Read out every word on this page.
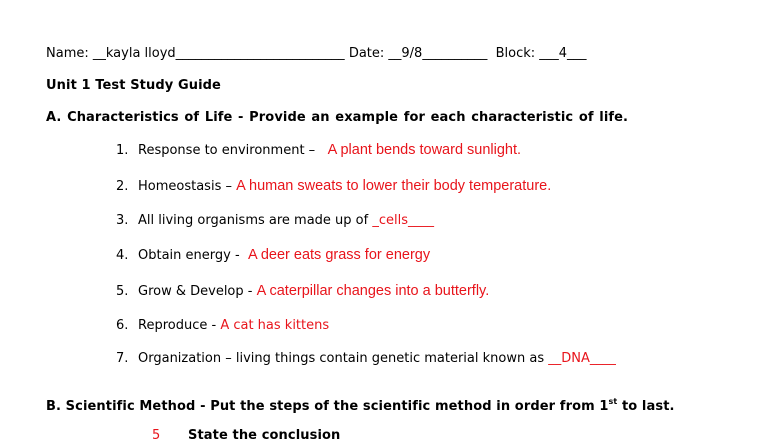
Name: __kayla lloyd__________________________ Date: __9/8__________ Block: ___4___
Unit 1 Test Study Guide
A. Characteristics of Life - Provide an example for each characteristic of life.
1. Response to environment –   A plant bends toward sunlight.
2. Homeostasis – A human sweats to lower their body temperature.
3. All living organisms are made up of _cells____
4. Obtain energy -  A deer eats grass for energy
5. Grow & Develop - A caterpillar changes into a butterfly.
6. Reproduce - A cat has kittens
7. Organization – living things contain genetic material known as __DNA____
B. Scientific Method - Put the steps of the scientific method in order from 1st to last.
5 State the conclusion
